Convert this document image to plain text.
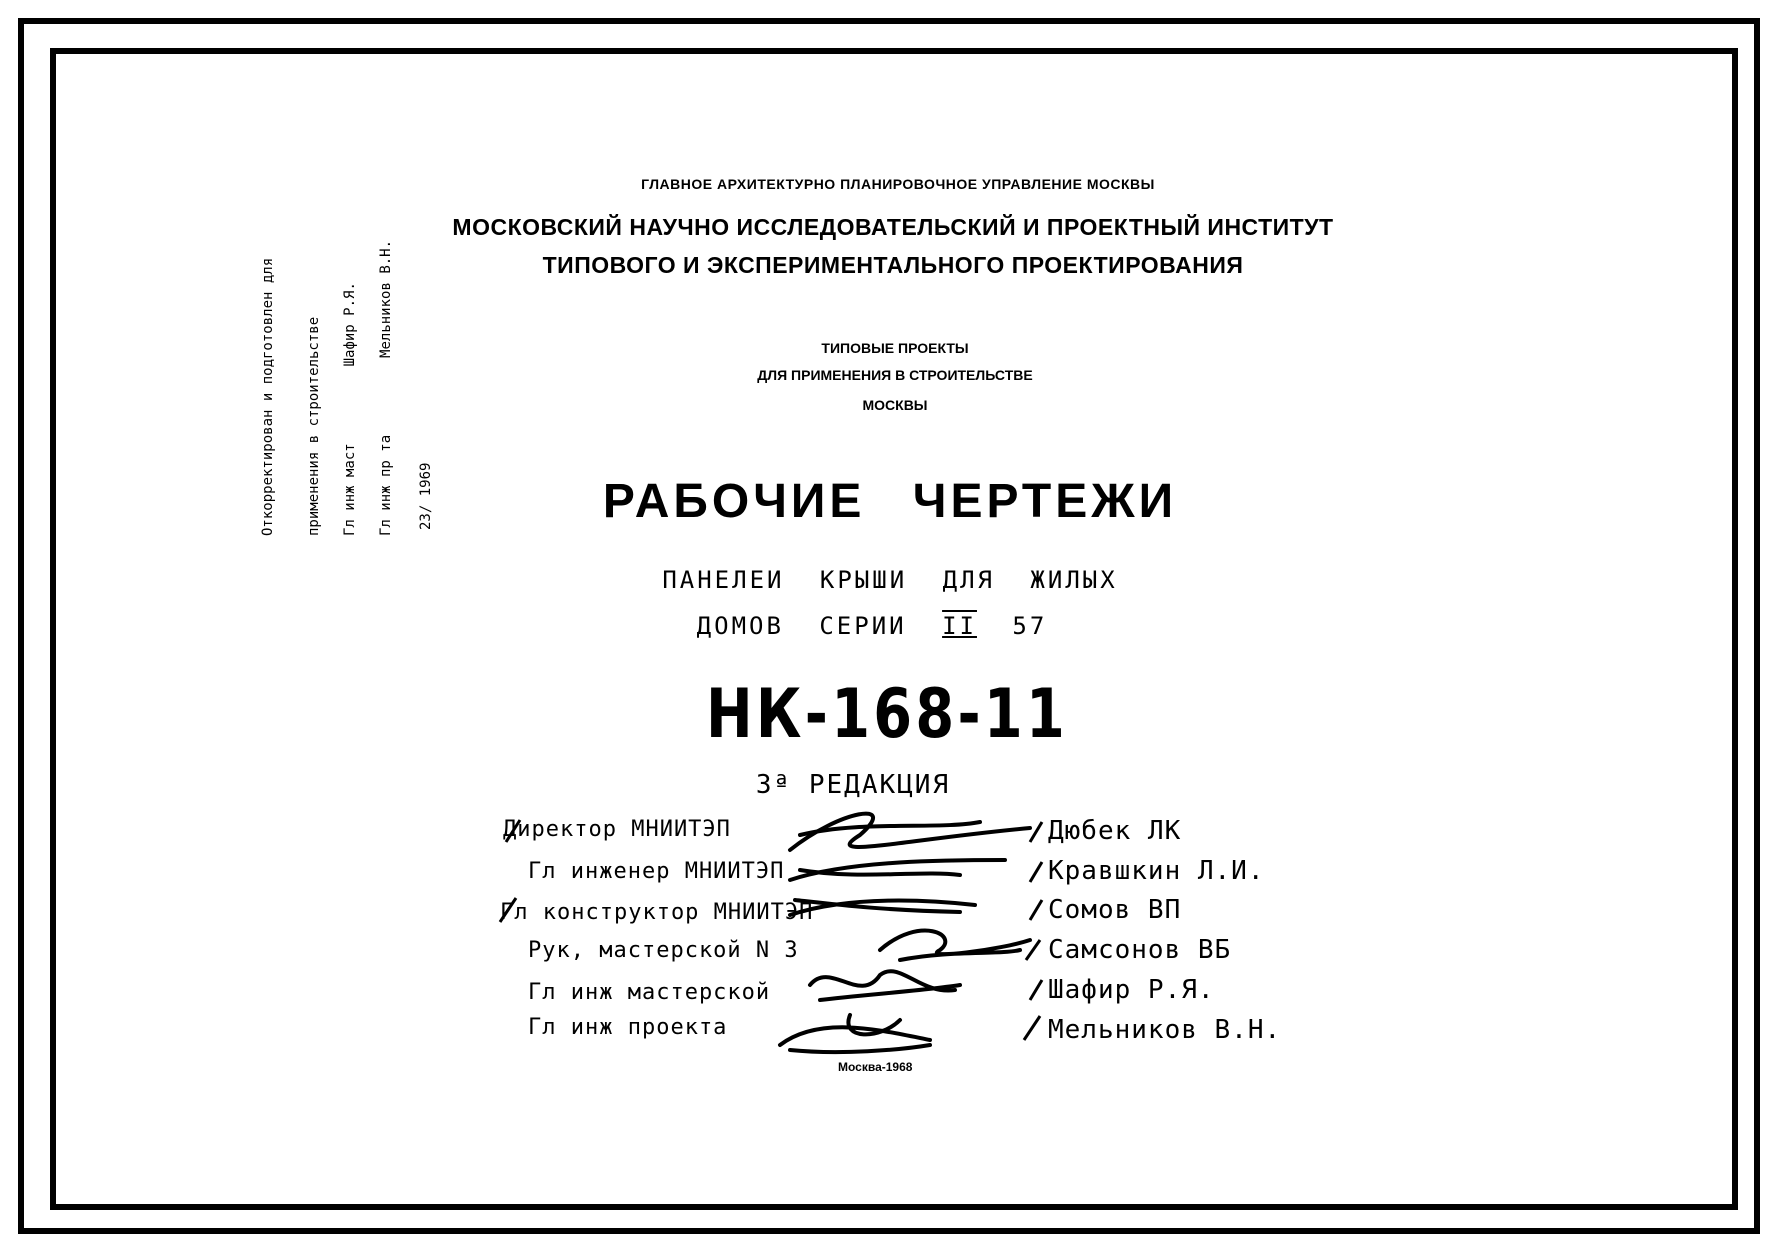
ГЛАВНОЕ АРХИТЕКТУРНО ПЛАНИРОВОЧНОЕ УПРАВЛЕНИЕ МОСКВЫ
МОСКОВСКИЙ НАУЧНО ИССЛЕДОВАТЕЛЬСКИЙ И ПРОЕКТНЫЙ ИНСТИТУТ
ТИПОВОГО И ЭКСПЕРИМЕНТАЛЬНОГО ПРОЕКТИРОВАНИЯ
ТИПОВЫЕ ПРОЕКТЫ
ДЛЯ ПРИМЕНЕНИЯ В СТРОИТЕЛЬСТВЕ
МОСКВЫ
РАБОЧИЕ ЧЕРТЕЖИ
ПАНЕЛЕИ КРЫШИ ДЛЯ ЖИЛЫХ
ДОМОВ СЕРИИ II 57
НК-168-11
3ª РЕДАКЦИЯ
Директор МНИИТЭП
Гл инженер МНИИТЭП
Гл конструктор МНИИТЭП
Рук, мастерской N 3
Гл инж мастерской
Гл инж проекта
Дюбек ЛК
Кравшкин Л.И.
Сомов ВП
Самсонов ВБ
Шафир Р.Я.
Мельников В.Н.
Москва-1968
Откорректирован и подготовлен для применения в строительстве Гл инж маст  Шафир Р.Я.
Гл инж пр та  Мельников В.Н.
23/ 1969
